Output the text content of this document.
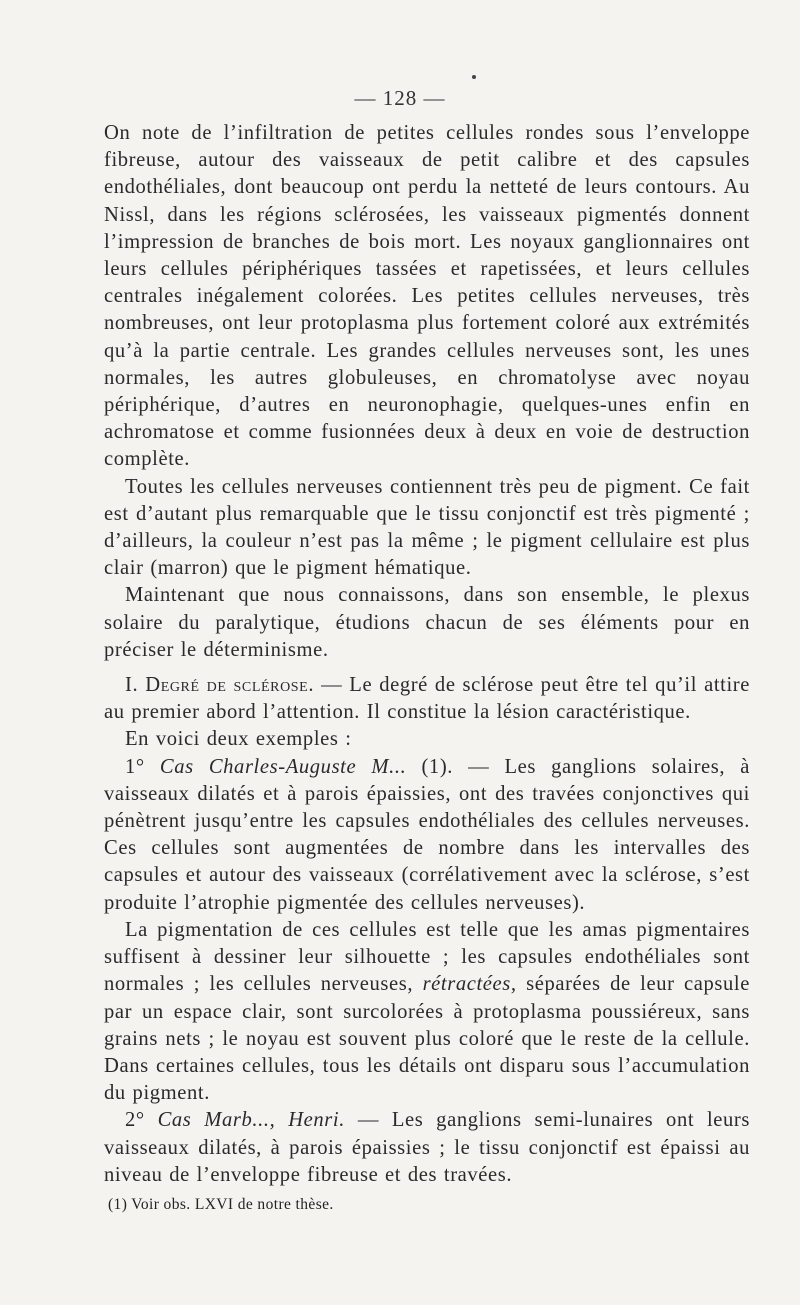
— 128 —

On note de l’infiltration de petites cellules rondes sous l’enveloppe fibreuse, autour des vaisseaux de petit calibre et des capsules endothéliales, dont beaucoup ont perdu la netteté de leurs contours. Au Nissl, dans les régions sclérosées, les vaisseaux pigmentés donnent l’impression de branches de bois mort. Les noyaux ganglionnaires ont leurs cellules périphériques tassées et rapetissées, et leurs cellules centrales inégalement colorées. Les petites cellules nerveuses, très nombreuses, ont leur protoplasma plus fortement coloré aux extrémités qu’à la partie centrale. Les grandes cellules nerveuses sont, les unes normales, les autres globuleuses, en chromatolyse avec noyau périphérique, d’autres en neuronophagie, quelques-unes enfin en achromatose et comme fusionnées deux à deux en voie de destruction complète.

Toutes les cellules nerveuses contiennent très peu de pigment. Ce fait est d’autant plus remarquable que le tissu conjonctif est très pigmenté ; d’ailleurs, la couleur n’est pas la même ; le pigment cellulaire est plus clair (marron) que le pigment hématique.

Maintenant que nous connaissons, dans son ensemble, le plexus solaire du paralytique, étudions chacun de ses éléments pour en préciser le déterminisme.

I. Degré de sclérose. — Le degré de sclérose peut être tel qu’il attire au premier abord l’attention. Il constitue la lésion caractéristique.

En voici deux exemples :

1° Cas Charles-Auguste M... (1). — Les ganglions solaires, à vaisseaux dilatés et à parois épaissies, ont des travées conjonctives qui pénètrent jusqu’entre les capsules endothéliales des cellules nerveuses. Ces cellules sont augmentées de nombre dans les intervalles des capsules et autour des vaisseaux (corrélativement avec la sclérose, s’est produite l’atrophie pigmentée des cellules nerveuses).

La pigmentation de ces cellules est telle que les amas pigmentaires suffisent à dessiner leur silhouette ; les capsules endothéliales sont normales ; les cellules nerveuses, rétractées, séparées de leur capsule par un espace clair, sont surcolorées à protoplasma poussiéreux, sans grains nets ; le noyau est souvent plus coloré que le reste de la cellule. Dans certaines cellules, tous les détails ont disparu sous l’accumulation du pigment.

2° Cas Marb..., Henri. — Les ganglions semi-lunaires ont leurs vaisseaux dilatés, à parois épaissies ; le tissu conjonctif est épaissi au niveau de l’enveloppe fibreuse et des travées.

(1) Voir obs. LXVI de notre thèse.
